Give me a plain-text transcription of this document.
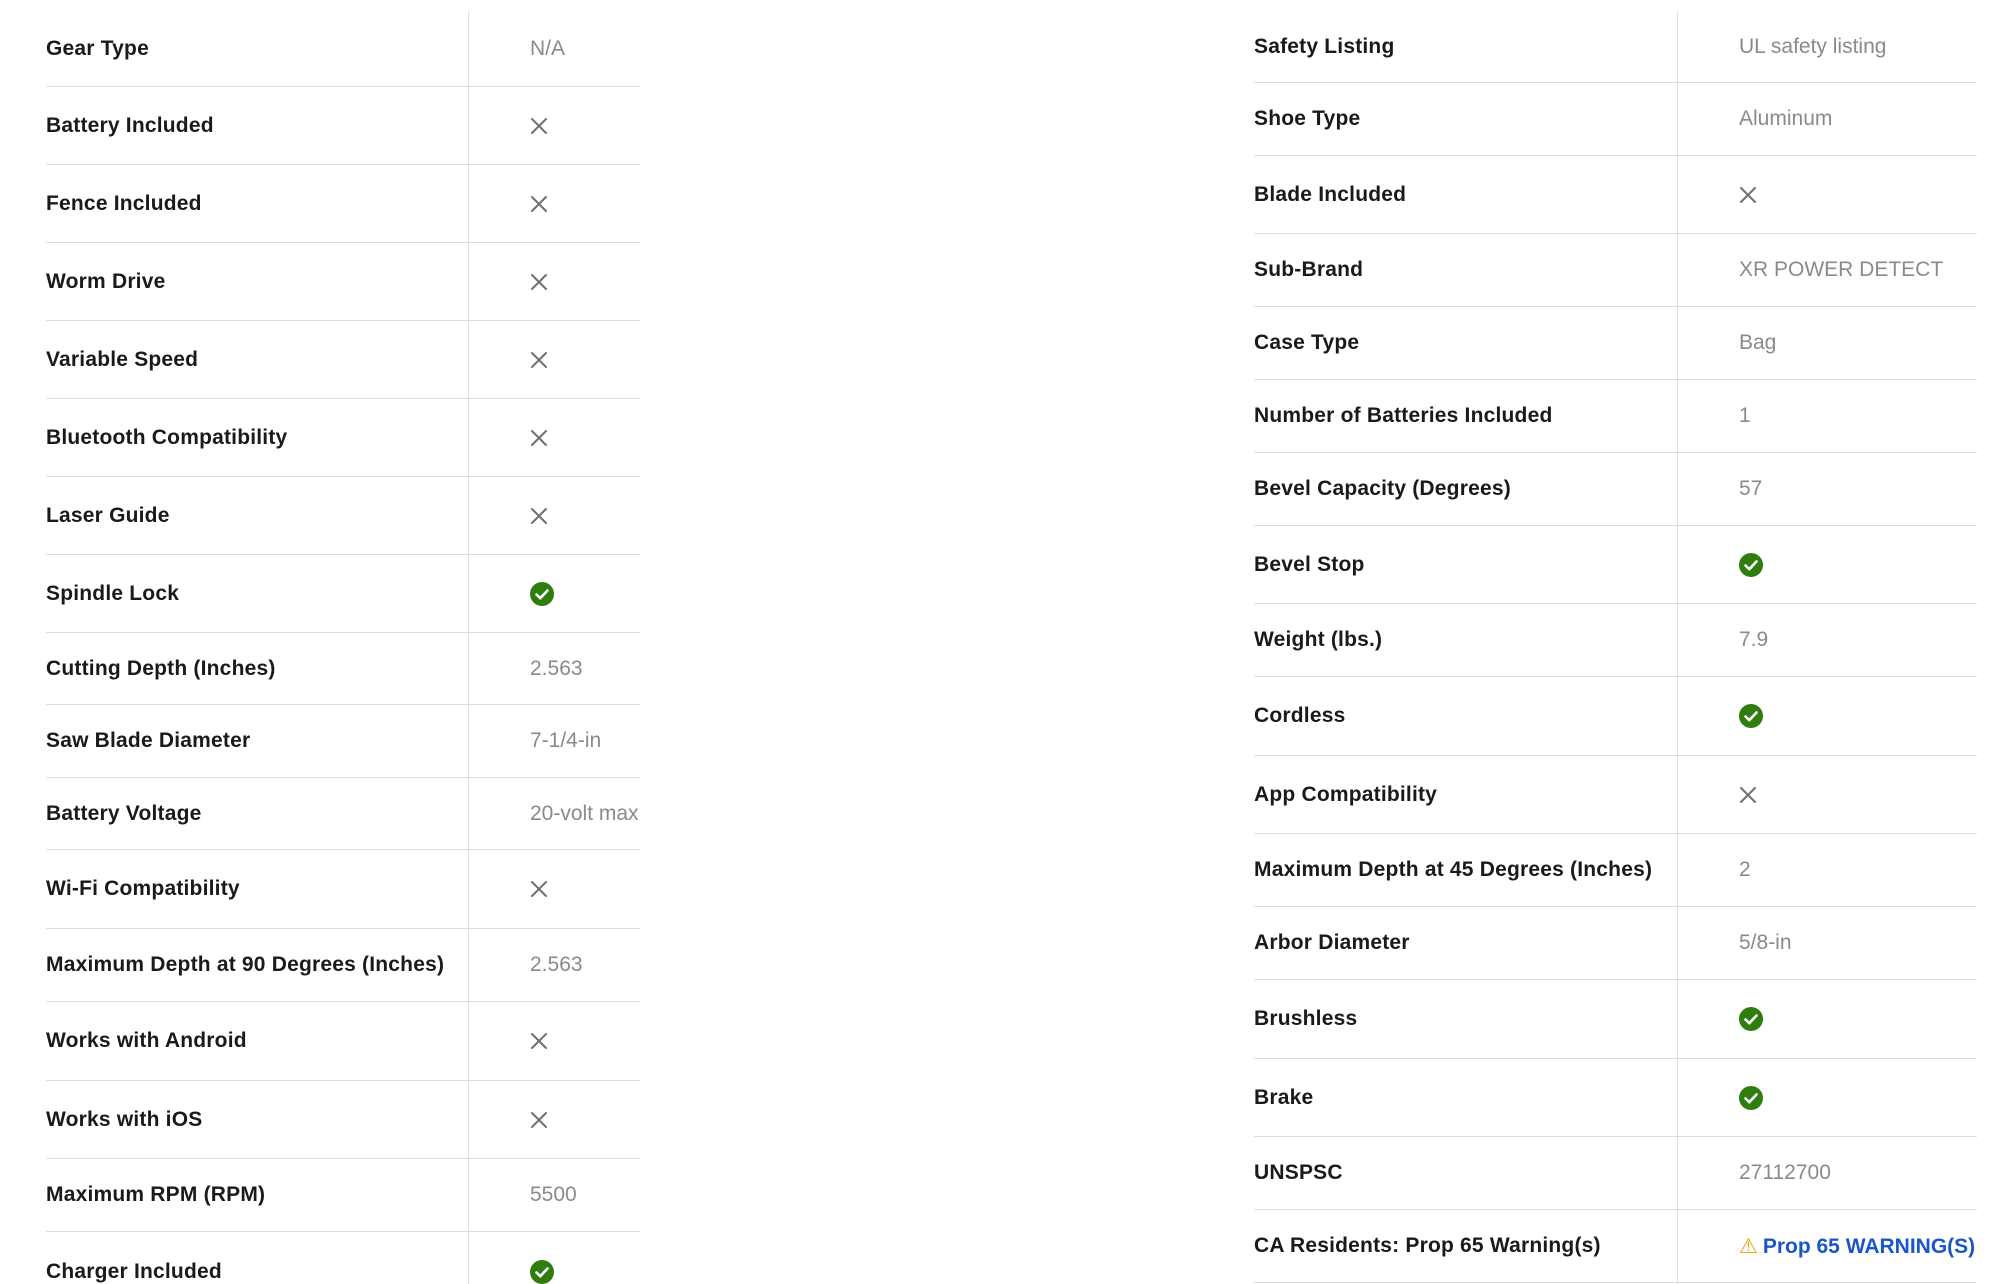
Gear Type	N/A
Battery Included
Fence Included
Worm Drive
Variable Speed
Bluetooth Compatibility
Laser Guide
Spindle Lock
Cutting Depth (Inches)	2.563
Saw Blade Diameter	7-1/4-in
Battery Voltage	20-volt max
Wi-Fi Compatibility
Maximum Depth at 90 Degrees (Inches)	2.563
Works with Android
Works with iOS
Maximum RPM (RPM)	5500
Charger Included
Safety Listing	UL safety listing
Shoe Type	Aluminum
Blade Included
Sub-Brand	XR POWER DETECT
Case Type	Bag
Number of Batteries Included	1
Bevel Capacity (Degrees)	57
Bevel Stop
Weight (lbs.)	7.9
Cordless
App Compatibility
Maximum Depth at 45 Degrees (Inches)	2
Arbor Diameter	5/8-in
Brushless
Brake
UNSPSC	27112700
CA Residents: Prop 65 Warning(s)	⚠ Prop 65 WARNING(S)
